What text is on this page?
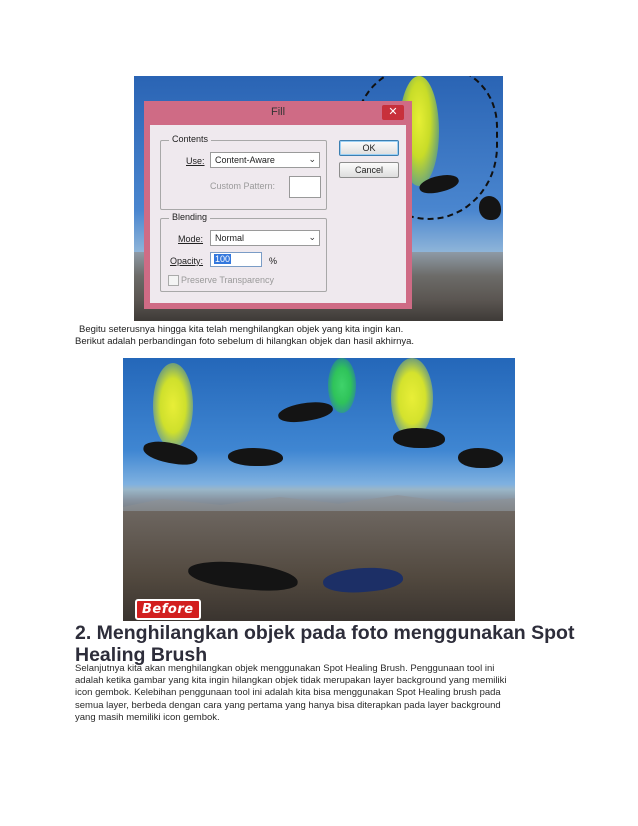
Fill	✕
Contents
Use:	Content-Aware	⌄
Custom Pattern:
OK
Cancel
Blending
Mode:	Normal	⌄
Opacity:	100	%
Preserve Transparency
Begitu seterusnya hingga kita telah menghilangkan objek yang kita ingin kan.
Berikut adalah perbandingan foto sebelum di hilangkan objek dan hasil akhirnya.
Before
2. Menghilangkan objek pada foto menggunakan Spot
Healing Brush
Selanjutnya kita akan menghilangkan objek menggunakan Spot Healing Brush. Penggunaan tool ini
adalah ketika gambar yang kita ingin hilangkan objek tidak merupakan layer background yang memiliki
icon gembok. Kelebihan penggunaan tool ini adalah kita bisa menggunakan Spot Healing brush pada
semua layer, berbeda dengan cara yang pertama yang hanya bisa diterapkan pada layer background
yang masih memiliki icon gembok.
